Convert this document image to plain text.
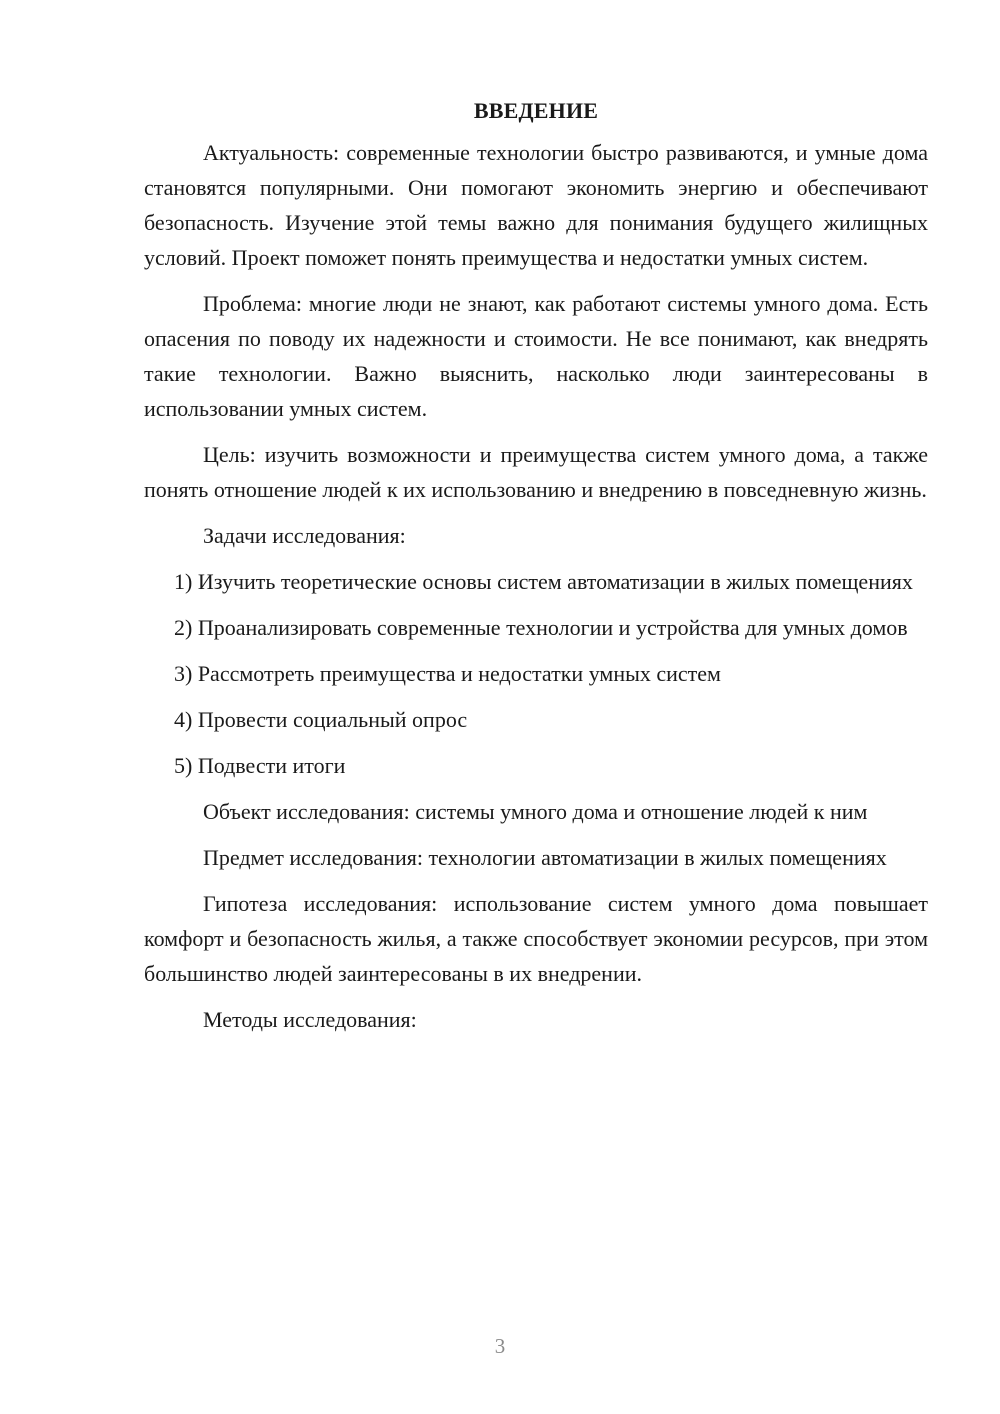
ВВЕДЕНИЕ

Актуальность: современные технологии быстро развиваются, и умные дома становятся популярными. Они помогают экономить энергию и обеспечивают безопасность. Изучение этой темы важно для понимания будущего жилищных условий. Проект поможет понять преимущества и недостатки умных систем.

Проблема: многие люди не знают, как работают системы умного дома. Есть опасения по поводу их надежности и стоимости. Не все понимают, как внедрять такие технологии. Важно выяснить, насколько люди заинтересованы в использовании умных систем.

Цель: изучить возможности и преимущества систем умного дома, а также понять отношение людей к их использованию и внедрению в повседневную жизнь.

Задачи исследования:

1) Изучить теоретические основы систем автоматизации в жилых помещениях

2) Проанализировать современные технологии и устройства для умных домов

3) Рассмотреть преимущества и недостатки умных систем

4) Провести социальный опрос

5) Подвести итоги

Объект исследования: системы умного дома и отношение людей к ним

Предмет исследования: технологии автоматизации в жилых помещениях

Гипотеза исследования: использование систем умного дома повышает комфорт и безопасность жилья, а также способствует экономии ресурсов, при этом большинство людей заинтересованы в их внедрении.

Методы исследования:

3
